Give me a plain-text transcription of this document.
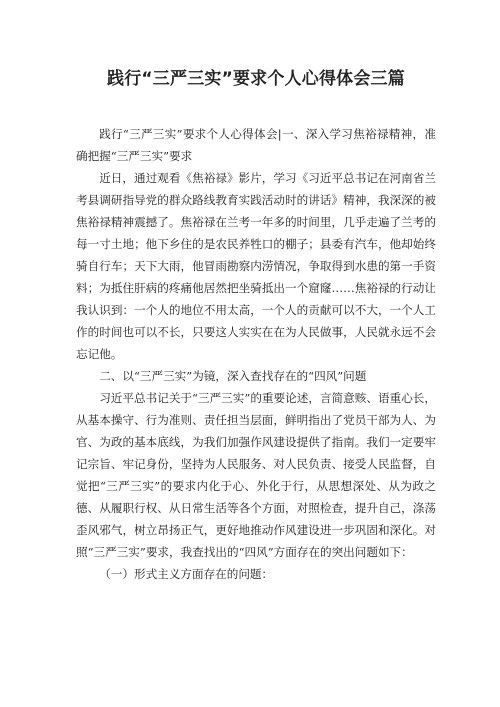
践行“三严三实”要求个人心得体会三篇

践行“三严三实”要求个人心得体会|一、深入学习焦裕禄精神，准确把握“三严三实”要求

近日，通过观看《焦裕禄》影片，学习《习近平总书记在河南省兰考县调研指导党的群众路线教育实践活动时的讲话》精神，我深深的被焦裕禄精神震撼了。焦裕禄在兰考一年多的时间里，几乎走遍了兰考的每一寸土地；他下乡住的是农民养牲口的棚子；县委有汽车，他却始终骑自行车；天下大雨，他冒雨勘察内涝情况，争取得到水患的第一手资料；为抵住肝病的疼痛他居然把坐骑抵出一个窟窿……焦裕禄的行动让我认识到：一个人的地位不用太高，一个人的贡献可以不大，一个人工作的时间也可以不长，只要这人实实在在为人民做事，人民就永远不会忘记他。

二、以“三严三实”为镜，深入查找存在的“四风”问题

习近平总书记关于“三严三实”的重要论述，言简意赅、语重心长，从基本操守、行为准则、责任担当层面，鲜明指出了党员干部为人、为官、为政的基本底线，为我们加强作风建设提供了指南。我们一定要牢记宗旨、牢记身份，坚持为人民服务、对人民负责、接受人民监督，自觉把“三严三实”的要求内化于心、外化于行，从思想深处、从为政之德、从履职行权、从日常生活等各个方面，对照检查，提升自己，涤荡歪风邪气，树立昂扬正气，更好地推动作风建设进一步巩固和深化。对照“三严三实”要求，我查找出的“四风”方面存在的突出问题如下：

（一）形式主义方面存在的问题：
